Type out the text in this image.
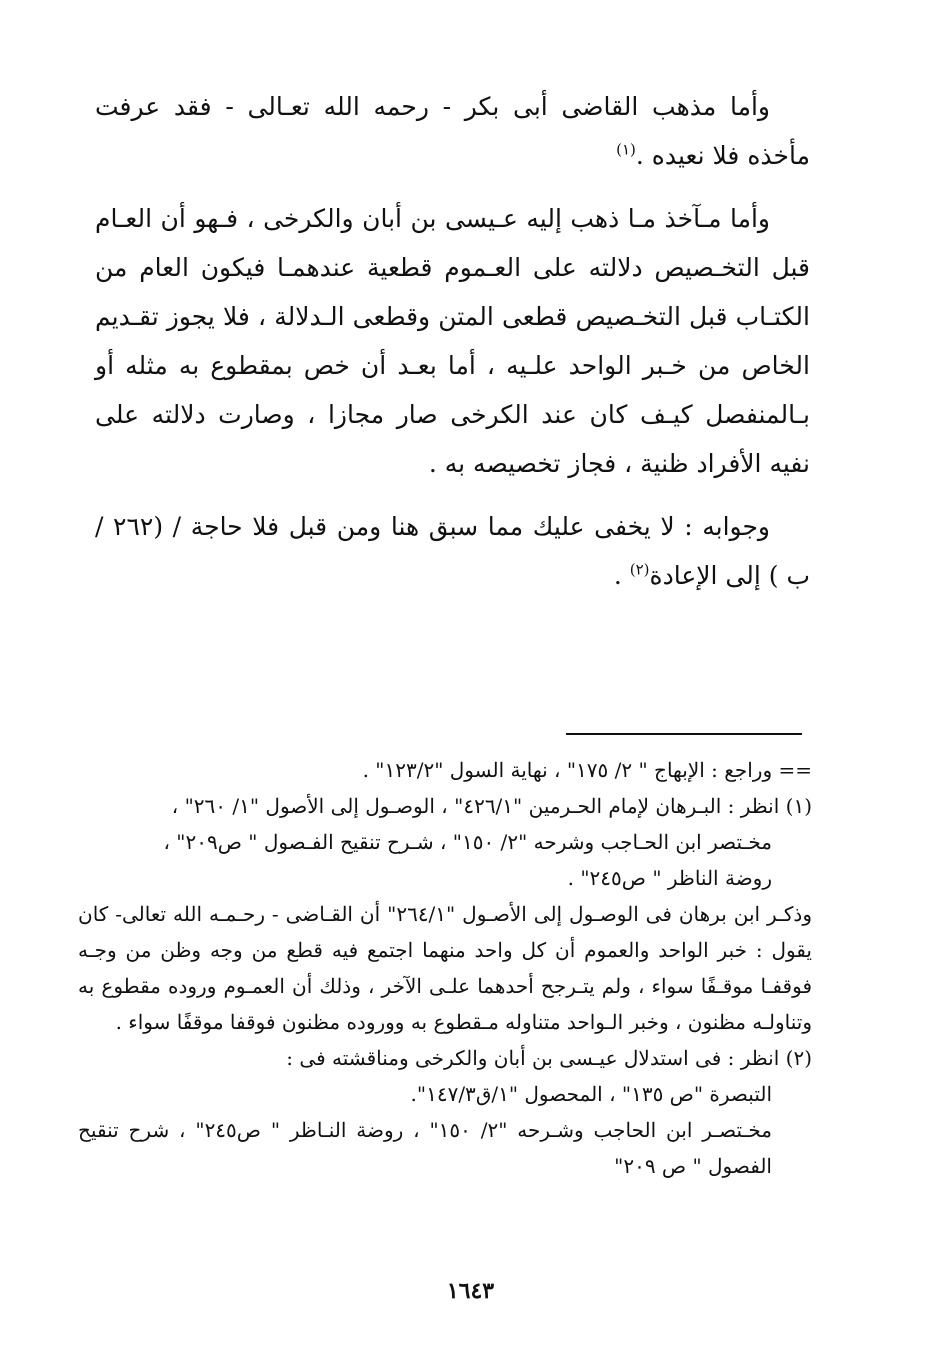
وأما مذهب القاضى أبى بكر - رحمه الله تعـالى - فقد عرفت مأخذه فلا نعيده .$^{(١)}$

وأما مـآخذ مـا ذهب إليه عـيسى بن أبان والكرخى ، فـهو أن العـام قبل التخـصيص دلالته على العـموم قطعية عندهمـا فيكون العام من الكتـاب قبل التخـصيص قطعى المتن وقطعى الـدلالة ، فلا يجوز تقـديم الخاص من خـبر الواحد علـيه ، أما بعـد أن خص بمقطوع به مثله أو بـالمنفصل كيـف كان عند الكرخى صار مجازا ، وصارت دلالته على نفيه الأفراد ظنية ، فجاز تخصيصه به .

وجوابه : لا يخفى عليك مما سبق هنا ومن قبل فلا حاجة / (٢٦٢ /ب ) إلى الإعادة$^{(٢)}$ .

== وراجع : الإبهاج " ٢/ ١٧٥" ، نهاية السول "١٢٣/٢" .
(١) انظر : البـرهان لإمام الحـرمين "٤٢٦/١" ، الوصـول إلى الأصول "١/ ٢٦٠" ،
مخـتصر ابن الحـاجب وشرحه "٢/ ١٥٠" ، شـرح تنقيح الفـصول " ص٢٠٩" ،
روضة الناظر " ص٢٤٥" .

وذكـر ابن برهان فى الوصـول إلى الأصـول "٢٦٤/١" أن القـاضى - رحـمـه الله تعالى- كان يقول : خبر الواحد والعموم أن كل واحد منهما اجتمع فيه قطع من وجه وظن من وجـه فوقفـا موقـفًا سواء ، ولم يتـرجح أحدهما علـى الآخر ، وذلك أن العمـوم وروده مقطوع به وتناولـه مظنون ، وخبر الـواحد متناوله مـقطوع به ووروده مظنون فوقفا موقفًا سواء .

(٢) انظر : فى استدلال عيـسى بن أبان والكرخى ومناقشته فى :
التبصرة "ص ١٣٥" ، المحصول "١/ق١٤٧/٣".
مخـتصـر ابن الحاجب وشـرحه "٢/ ١٥٠" ، روضة النـاظر " ص٢٤٥" ، شرح تنقيح الفصول " ص ٢٠٩"
١٦٤٣
